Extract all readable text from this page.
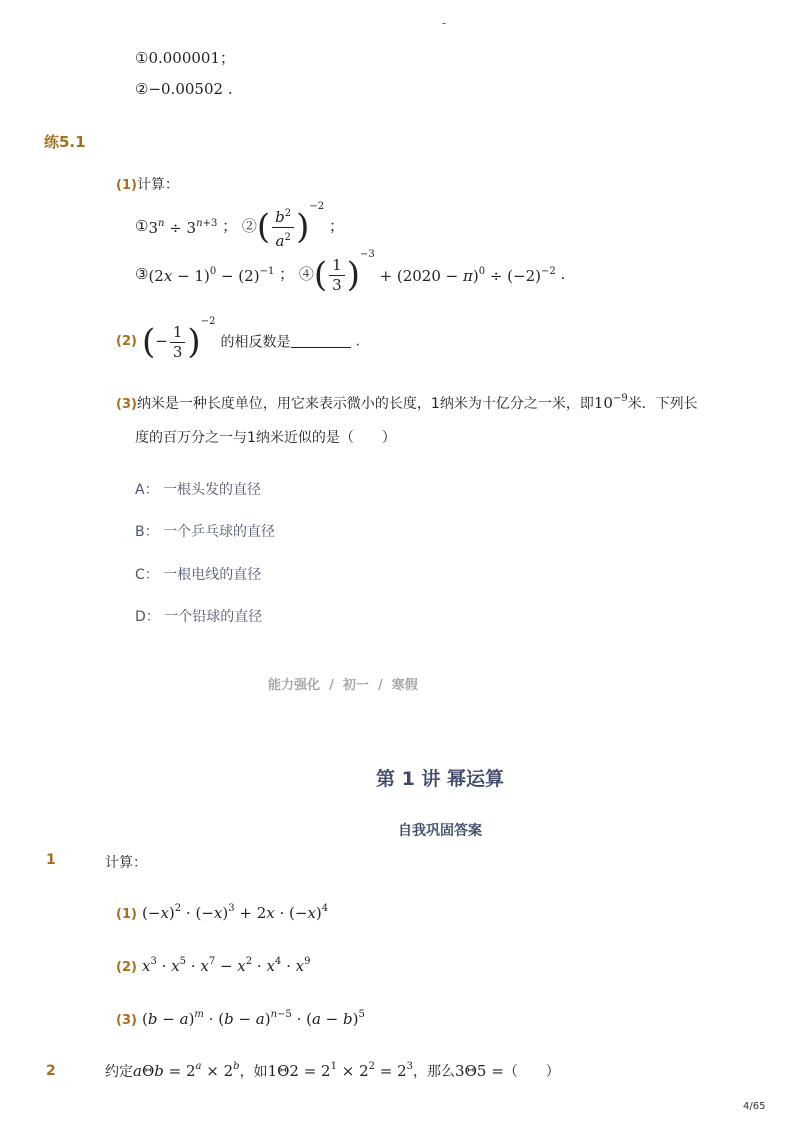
-
①0.000001；
②−0.00502 .
练5.1
(1)计算：
$①3^n \div 3^{n+3}$ ； ②( $\frac{b^2}{a^2} )^{-2}$ ；
③(2x − $1)^0 - (2)^{-1}$ ； ④( $\frac{1}{3} )^{-3} + (2020 - \pi)^0 \div (-2)^{-2}$ .
(2) (− $\frac{1}{3} )^{-2}$ 的相反数是	.
(3)纳米是一种长度单位，用它来表示微小的长度，1纳米为十亿分之一米，即$10^{-9}$米．下列长
度的百万分之一与1纳米近似的是（　　）
A： 一根头发的直径
B： 一个乒乓球的直径
C： 一根电线的直径
D： 一个铅球的直径
能力强化 / 初一 / 寒假
第 1 讲 幂运算
自我巩固答案
1	计算：
(1) $(-x)^2 \cdot (-x)^3 + 2x \cdot (-x)^4$
(2) $x^3 \cdot x^5 \cdot x^7 - x^2 \cdot x^4 \cdot x^9$
(3) $(b - a)^m \cdot (b - a)^{n-5} \cdot (a - b)^5$
2	约定$a\Theta b = 2^a \times 2^b$，如$1\Theta 2 = 2^1 \times 2^2 = 2^3$，那么3Θ5 =（　　）
4/65
